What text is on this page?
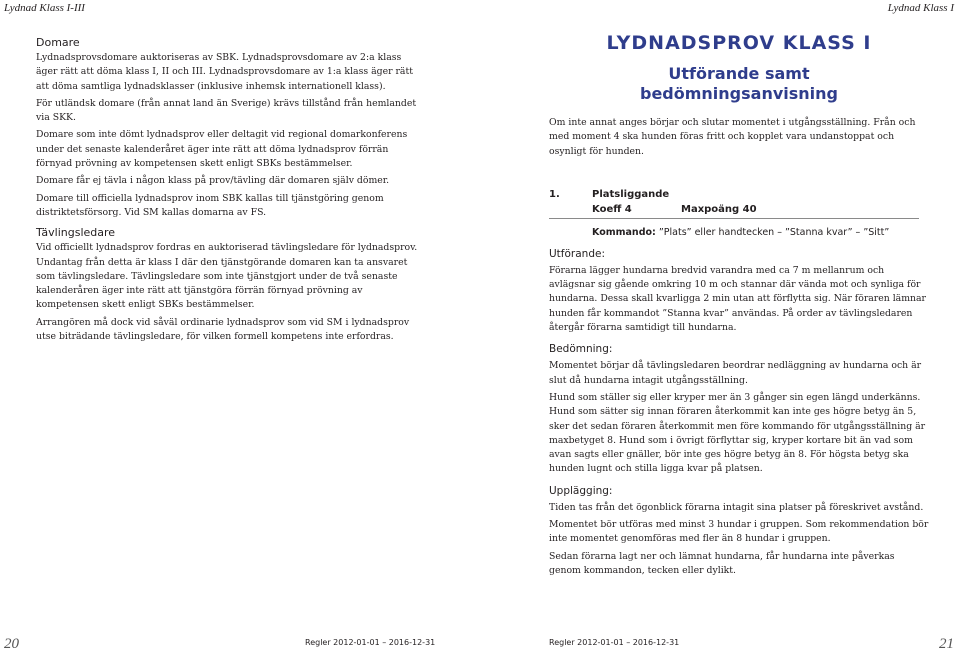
Lydnad Klass I-III	Lydnad Klass I
Domare

Lydnadsprovsdomare auktoriseras av SBK. Lydnadsprovsdomare av 2:a klass äger rätt att döma klass I, II och III. Lydnadsprovsdomare av 1:a klass äger rätt att döma samtliga lydnadsklasser (inklusive inhemsk internationell klass).

För utländsk domare (från annat land än Sverige) krävs tillstånd från hemlandet via SKK.

Domare som inte dömt lydnadsprov eller deltagit vid regional domarkonferens under det senaste kalenderåret äger inte rätt att döma lydnadsprov förrän förnyad prövning av kompetensen skett enligt SBKs bestämmelser.

Domare får ej tävla i någon klass på prov/tävling där domaren själv dömer.

Domare till officiella lydnadsprov inom SBK kallas till tjänstgöring genom distriktetsförsorg. Vid SM kallas domarna av FS.

Tävlingsledare

Vid officiellt lydnadsprov fordras en auktoriserad tävlingsledare för lydnadsprov. Undantag från detta är klass I där den tjänstgörande domaren kan ta ansvaret som tävlingsledare. Tävlingsledare som inte tjänstgjort under de två senaste kalenderåren äger inte rätt att tjänstgöra förrän förnyad prövning av kompetensen skett enligt SBKs bestämmelser.

Arrangören må dock vid såväl ordinarie lydnadsprov som vid SM i lydnadsprov utse biträdande tävlingsledare, för vilken formell kompetens inte erfordras.

LYDNADSPROV KLASS I
Utförande samt
bedömningsanvisning

Om inte annat anges börjar och slutar momentet i utgångsställning. Från och med moment 4 ska hunden föras fritt och kopplet vara undanstoppat och osynligt för hunden.

1.	Platsliggande
Koeff 4	Maxpoäng 40
Kommando: ”Plats” eller handtecken – ”Stanna kvar” – ”Sitt”
Utförande:

Förarna lägger hundarna bredvid varandra med ca 7 m mellanrum och avlägsnar sig gående omkring 10 m och stannar där vända mot och synliga för hundarna. Dessa skall kvarligga 2 min utan att förflytta sig. När föraren lämnar hunden får kommandot ”Stanna kvar” användas. På order av tävlingsledaren återgår förarna samtidigt till hundarna.

Bedömning:

Momentet börjar då tävlingsledaren beordrar nedläggning av hundarna och är slut då hundarna intagit utgångsställning.

Hund som ställer sig eller kryper mer än 3 gånger sin egen längd underkänns. Hund som sätter sig innan föraren återkommit kan inte ges högre betyg än 5, sker det sedan föraren återkommit men före kommando för utgångsställning är maxbetyget 8. Hund som i övrigt förflyttar sig, kryper kortare bit än vad som avan sagts eller gnäller, bör inte ges högre betyg än 8. För högsta betyg ska hunden lugnt och stilla ligga kvar på platsen.

Upplägging:

Tiden tas från det ögonblick förarna intagit sina platser på föreskrivet avstånd.

Momentet bör utföras med minst 3 hundar i gruppen. Som rekommendation bör inte momentet genomföras med fler än 8 hundar i gruppen.

Sedan förarna lagt ner och lämnat hundarna, får hundarna inte påverkas genom kommandon, tecken eller dylikt.

20	Regler 2012-01-01 – 2016-12-31	Regler 2012-01-01 – 2016-12-31	21
